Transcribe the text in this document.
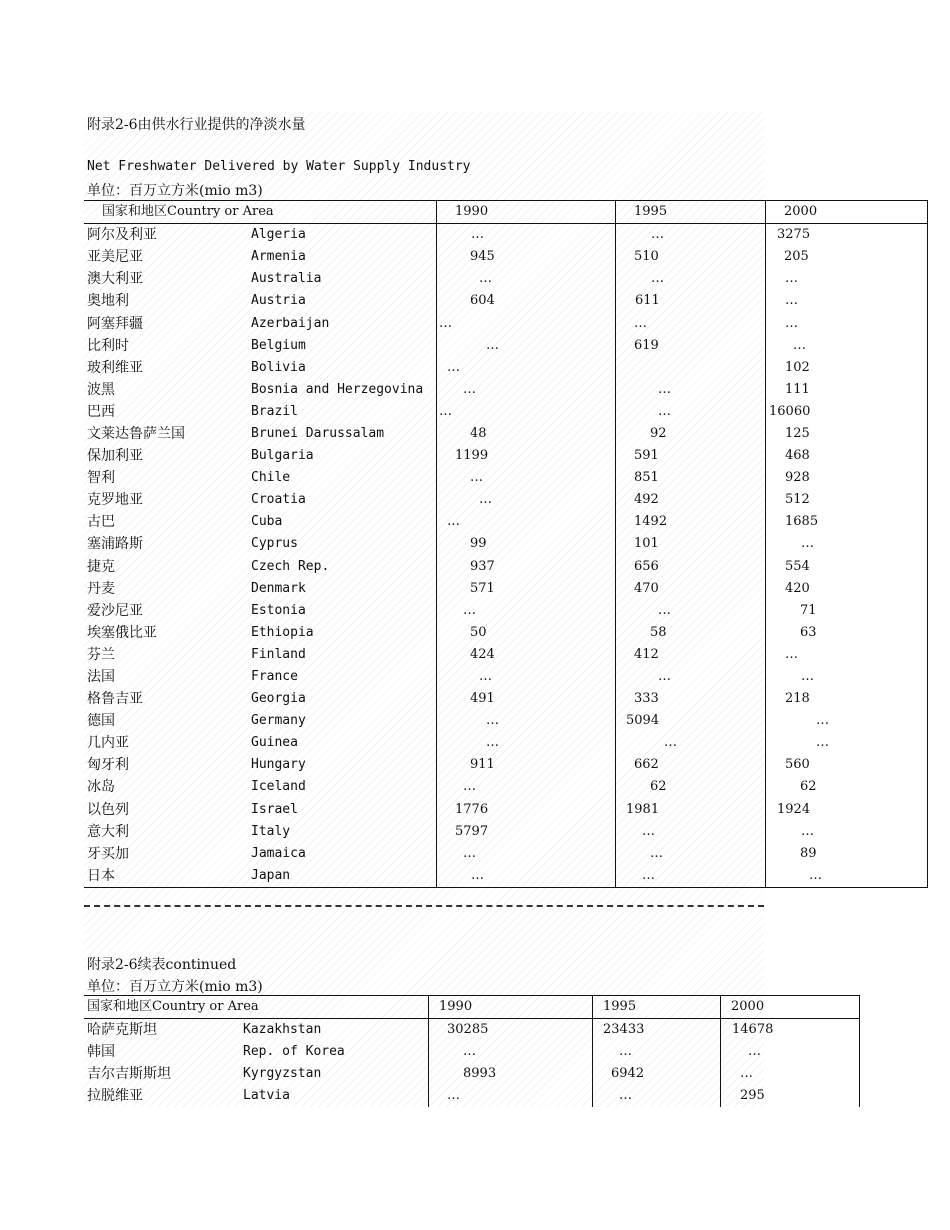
附录2-6由供水行业提供的净淡水量
Net Freshwater Delivered by Water Supply Industry
单位：百万立方米(mio m3)
国家和地区Country or Area		1990	1995	2000
阿尔及利亚	Algeria	…	…	3275
亚美尼亚	Armenia	945	510	205
澳大利亚	Australia	…	…	…
奥地利	Austria	604	611	…
阿塞拜疆	Azerbaijan	…	…	…
比利时	Belgium	…	619	…
玻利维亚	Bolivia	…		102
波黑	Bosnia and Herzegovina	…	…	111
巴西	Brazil	…	…	16060
文莱达鲁萨兰国	Brunei Darussalam	48	92	125
保加利亚	Bulgaria	1199	591	468
智利	Chile	…	851	928
克罗地亚	Croatia	…	492	512
古巴	Cuba	…	1492	1685
塞浦路斯	Cyprus	99	101	…
捷克	Czech Rep.	937	656	554
丹麦	Denmark	571	470	420
爱沙尼亚	Estonia	…	…	71
埃塞俄比亚	Ethiopia	50	58	63
芬兰	Finland	424	412	…
法国	France	…	…	…
格鲁吉亚	Georgia	491	333	218
德国	Germany	…	5094	…
几内亚	Guinea	…	…	…
匈牙利	Hungary	911	662	560
冰岛	Iceland	…	62	62
以色列	Israel	1776	1981	1924
意大利	Italy	5797	…	…
牙买加	Jamaica	…	…	89
日本	Japan	…	…	…
附录2-6续表continued
单位：百万立方米(mio m3)
国家和地区Country or Area		1990	1995	2000
哈萨克斯坦	Kazakhstan	30285	23433	14678
韩国	Rep. of Korea	…	…	…
吉尔吉斯斯坦	Kyrgyzstan	8993	6942	…
拉脱维亚	Latvia	…	…	295
